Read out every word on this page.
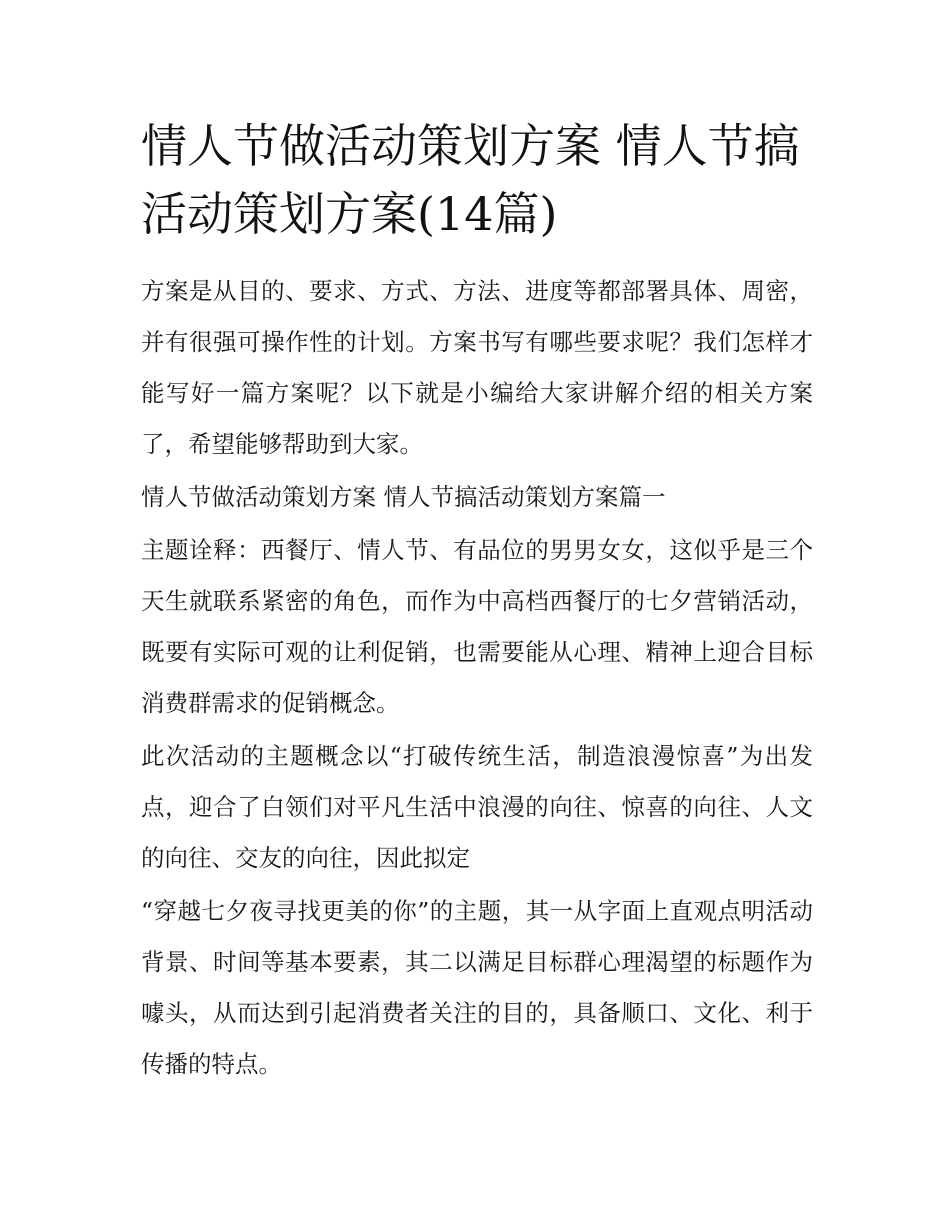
情人节做活动策划方案 情人节搞活动策划方案(14篇)

方案是从目的、要求、方式、方法、进度等都部署具体、周密，并有很强可操作性的计划。方案书写有哪些要求呢？我们怎样才能写好一篇方案呢？以下就是小编给大家讲解介绍的相关方案了，希望能够帮助到大家。

情人节做活动策划方案 情人节搞活动策划方案篇一

主题诠释：西餐厅、情人节、有品位的男男女女，这似乎是三个天生就联系紧密的角色，而作为中高档西餐厅的七夕营销活动，既要有实际可观的让利促销，也需要能从心理、精神上迎合目标消费群需求的促销概念。

此次活动的主题概念以“打破传统生活，制造浪漫惊喜”为出发点，迎合了白领们对平凡生活中浪漫的向往、惊喜的向往、人文的向往、交友的向往，因此拟定

“穿越七夕夜寻找更美的你”的主题，其一从字面上直观点明活动背景、时间等基本要素，其二以满足目标群心理渴望的标题作为噱头，从而达到引起消费者关注的目的，具备顺口、文化、利于传播的特点。
